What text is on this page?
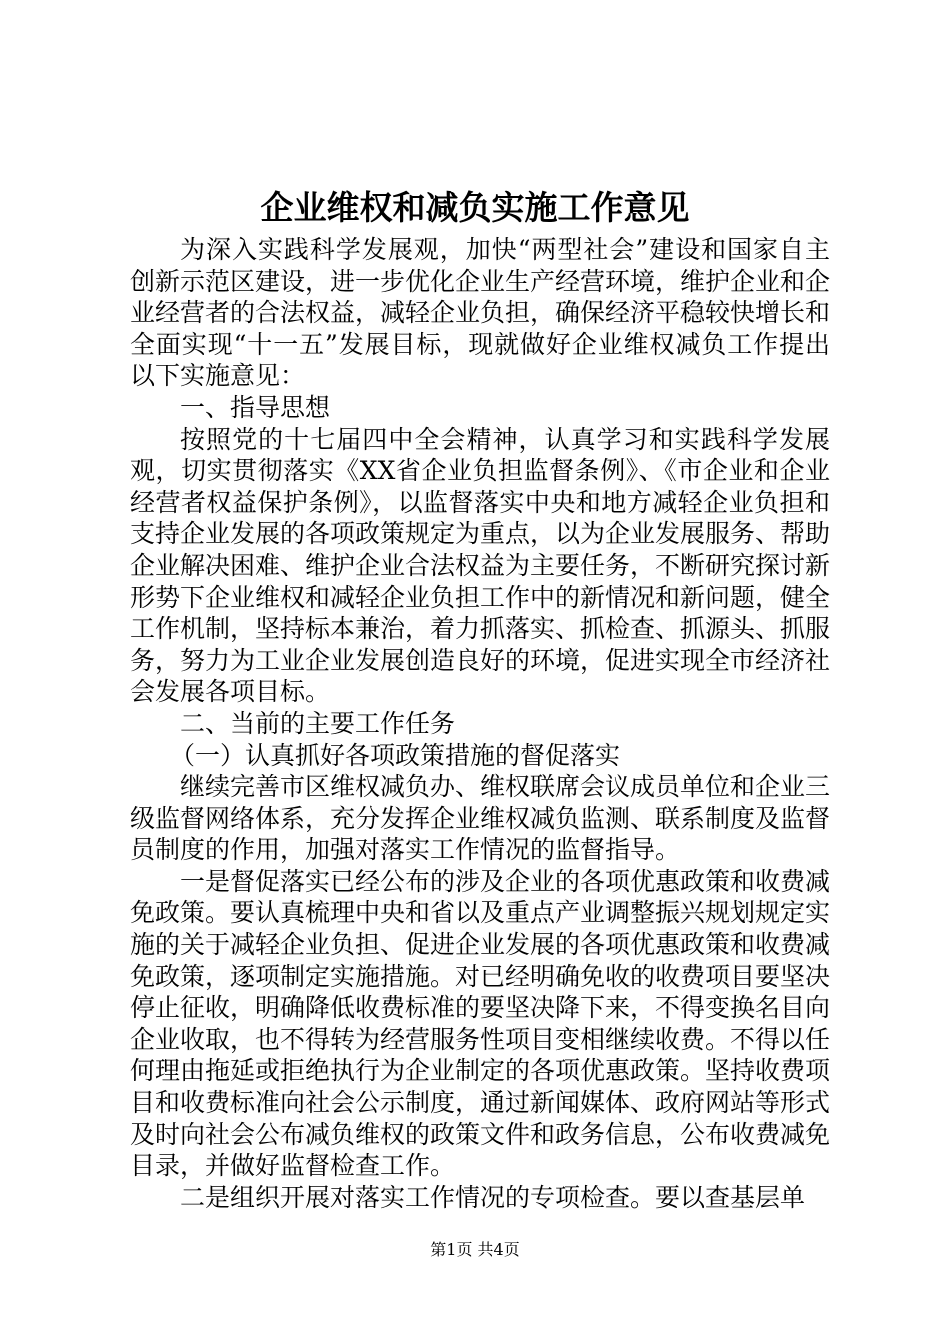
企业维权和减负实施工作意见

为深入实践科学发展观，加快“两型社会”建设和国家自主创新示范区建设，进一步优化企业生产经营环境，维护企业和企业经营者的合法权益，减轻企业负担，确保经济平稳较快增长和全面实现“十一五”发展目标，现就做好企业维权减负工作提出以下实施意见：

一、指导思想

按照党的十七届四中全会精神，认真学习和实践科学发展观，切实贯彻落实《XX省企业负担监督条例》、《市企业和企业经营者权益保护条例》，以监督落实中央和地方减轻企业负担和支持企业发展的各项政策规定为重点，以为企业发展服务、帮助企业解决困难、维护企业合法权益为主要任务，不断研究探讨新形势下企业维权和减轻企业负担工作中的新情况和新问题，健全工作机制，坚持标本兼治，着力抓落实、抓检查、抓源头、抓服务，努力为工业企业发展创造良好的环境，促进实现全市经济社会发展各项目标。

二、当前的主要工作任务

（一）认真抓好各项政策措施的督促落实

继续完善市区维权减负办、维权联席会议成员单位和企业三级监督网络体系，充分发挥企业维权减负监测、联系制度及监督员制度的作用，加强对落实工作情况的监督指导。

一是督促落实已经公布的涉及企业的各项优惠政策和收费减免政策。要认真梳理中央和省以及重点产业调整振兴规划规定实施的关于减轻企业负担、促进企业发展的各项优惠政策和收费减免政策，逐项制定实施措施。对已经明确免收的收费项目要坚决停止征收，明确降低收费标准的要坚决降下来，不得变换名目向企业收取，也不得转为经营服务性项目变相继续收费。不得以任何理由拖延或拒绝执行为企业制定的各项优惠政策。坚持收费项目和收费标准向社会公示制度，通过新闻媒体、政府网站等形式及时向社会公布减负维权的政策文件和政务信息，公布收费减免目录，并做好监督检查工作。

二是组织开展对落实工作情况的专项检查。要以查基层单

第1页 共4页
